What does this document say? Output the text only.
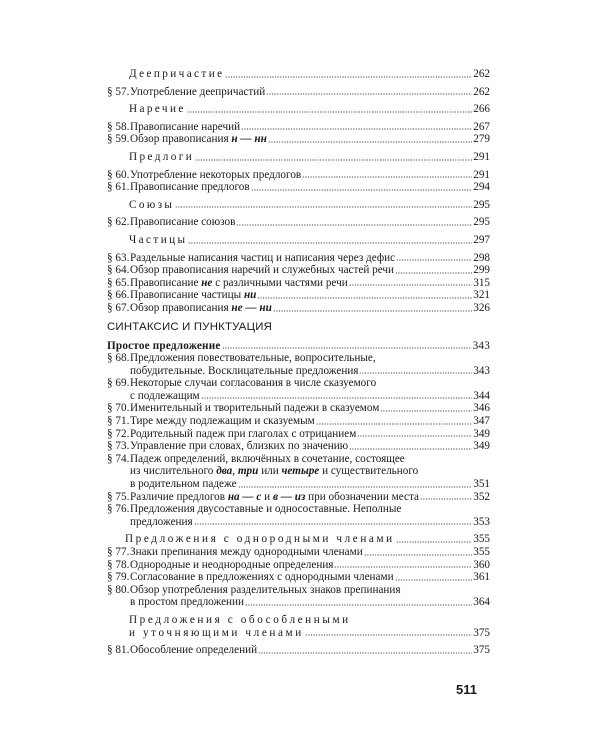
Деепричастие	262
§ 57. Употребление деепричастий	262
Наречие	266
§ 58. Правописание наречий	267
§ 59. Обзор правописания н — нн	279
Предлоги	291
§ 60. Употребление некоторых предлогов	291
§ 61. Правописание предлогов	294
Союзы	295
§ 62. Правописание союзов	295
Частицы	297
§ 63. Раздельные написания частиц и написания через дефис	298
§ 64. Обзор правописания наречий и служебных частей речи	299
§ 65. Правописание не с различными частями речи	315
§ 66. Правописание частицы ни	321
§ 67. Обзор правописания не — ни	326
СИНТАКСИС И ПУНКТУАЦИЯ
Простое предложение	343
§ 68.Предложения повествовательные, вопросительные,
побудительные. Восклицательные предложения	343
§ 69.Некоторые случаи согласования в числе сказуемого
с подлежащим	344
§ 70. Именительный и творительный падежи в сказуемом	346
§ 71. Тире между подлежащим и сказуемым	347
§ 72. Родительный падеж при глаголах с отрицанием	349
§ 73. Управление при словах, близких по значению	349
§ 74.Падеж определений, включённых в сочетание, состоящее
из числительного два, три или четыре и существительного
в родительном падеже	351
§ 75. Различие предлогов на — с и в — из при обозначении места	352
§ 76.Предложения двусоставные и односоставные. Неполные
предложения	353
Предложения с однородными членами	355
§ 77. Знаки препинания между однородными членами	355
§ 78. Однородные и неоднородные определения	360
§ 79. Согласование в предложениях с однородными членами	361
§ 80.Обзор употребления разделительных знаков препинания
в простом предложении	364
Предложения с обособленными
и уточняющими членами	375
§ 81. Обособление определений	375
511
